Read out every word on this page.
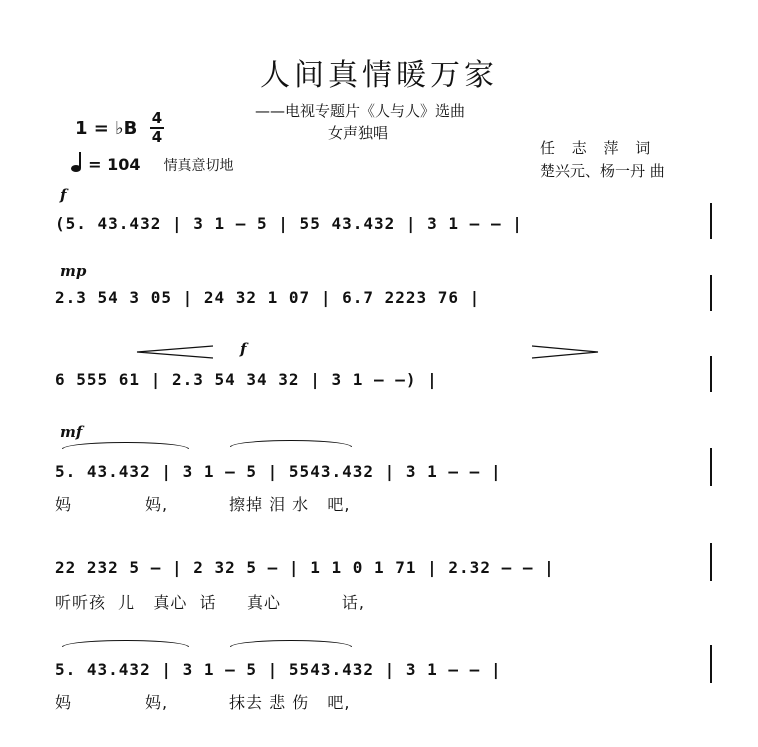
人间真情暖万家
——电视专题片《人与人》选曲
女声独唱
1 = ♭B 4
4
= 104 情真意切地
任 志 萍 词
楚兴元、杨一丹 曲
f
(5. 43.432 | 3 1 — 5 | 55 43.432 | 3 1 — — |
mp
2.3 54 3 05 | 24 32 1 07 | 6.7 2223 76 |
f
6 555 61 | 2.3 54 34 32 | 3 1 — —) |
mf
5. 43.432 | 3 1 — 5 | 5543.432 | 3 1 — — |
妈            妈,          擦掉 泪 水   吧,
22 232 5 — | 2 32 5 — | 1 1 0 1 71 | 2.32 — — |
听听孩  儿   真心  话     真心          话,
5. 43.432 | 3 1 — 5 | 5543.432 | 3 1 — — |
妈            妈,          抹去 悲 伤   吧,
